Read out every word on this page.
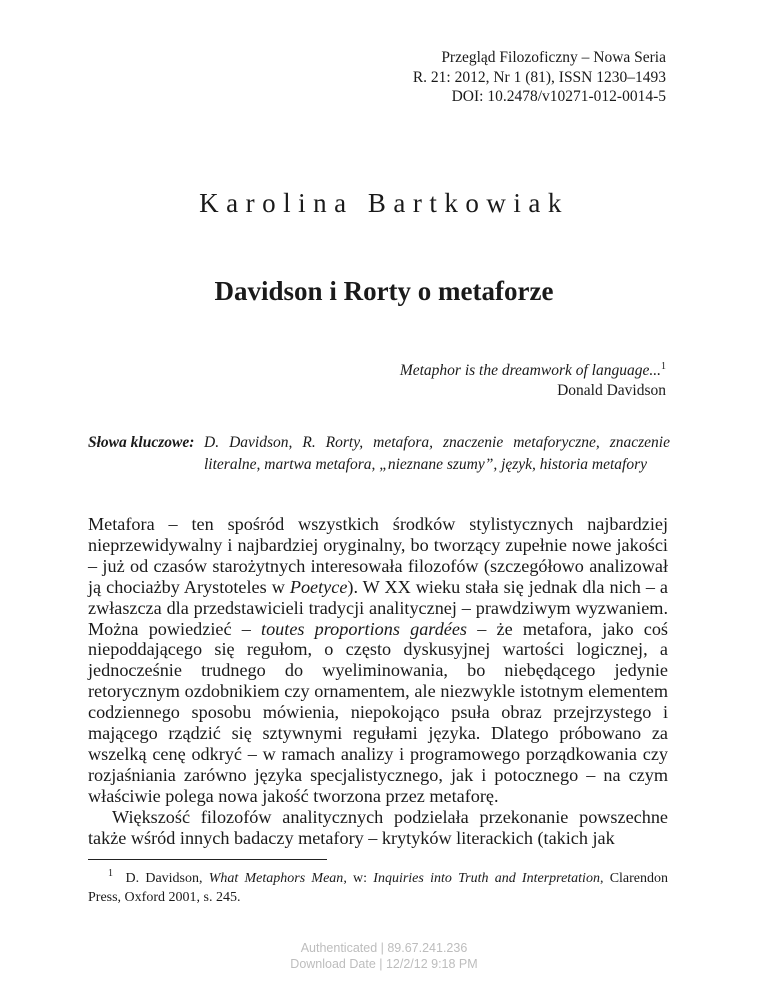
Przegląd Filozoficzny – Nowa Seria
R. 21: 2012, Nr 1 (81), ISSN 1230–1493
DOI: 10.2478/v10271-012-0014-5
Karolina Bartkowiak
Davidson i Rorty o metaforze
Metaphor is the dreamwork of language...$^1$
Donald Davidson
Słowa kluczowe: D. Davidson, R. Rorty, metafora, znaczenie metaforyczne, znaczenie literalne, martwa metafora, „nieznane szumy”, język, historia metafory

Metafora – ten spośród wszystkich środków stylistycznych najbardziej nieprzewidywalny i najbardziej oryginalny, bo tworzący zupełnie nowe jakości – już od czasów starożytnych interesowała filozofów (szczegółowo analizował ją chociażby Arystoteles w Poetyce). W XX wieku stała się jednak dla nich – a zwłaszcza dla przedstawicieli tradycji analitycznej – prawdziwym wyzwaniem. Można powiedzieć – toutes proportions gardées – że metafora, jako coś niepoddającego się regułom, o często dyskusyjnej wartości logicznej, a jednocześnie trudnego do wyeliminowania, bo niebędącego jedynie retorycznym ozdobnikiem czy ornamentem, ale niezwykle istotnym elementem codziennego sposobu mówienia, niepokojąco psuła obraz przejrzystego i mającego rządzić się sztywnymi regułami języka. Dlatego próbowano za wszelką cenę odkryć – w ramach analizy i programowego porządkowania czy rozjaśniania zarówno języka specjalistycznego, jak i potocznego – na czym właściwie polega nowa jakość tworzona przez metaforę.

Większość filozofów analitycznych podzielała przekonanie powszechne także wśród innych badaczy metafory – krytyków literackich (takich jak

$^1$ D. Davidson, What Metaphors Mean, w: Inquiries into Truth and Interpretation, Clarendon Press, Oxford 2001, s. 245.

Authenticated | 89.67.241.236
Download Date | 12/2/12 9:18 PM
